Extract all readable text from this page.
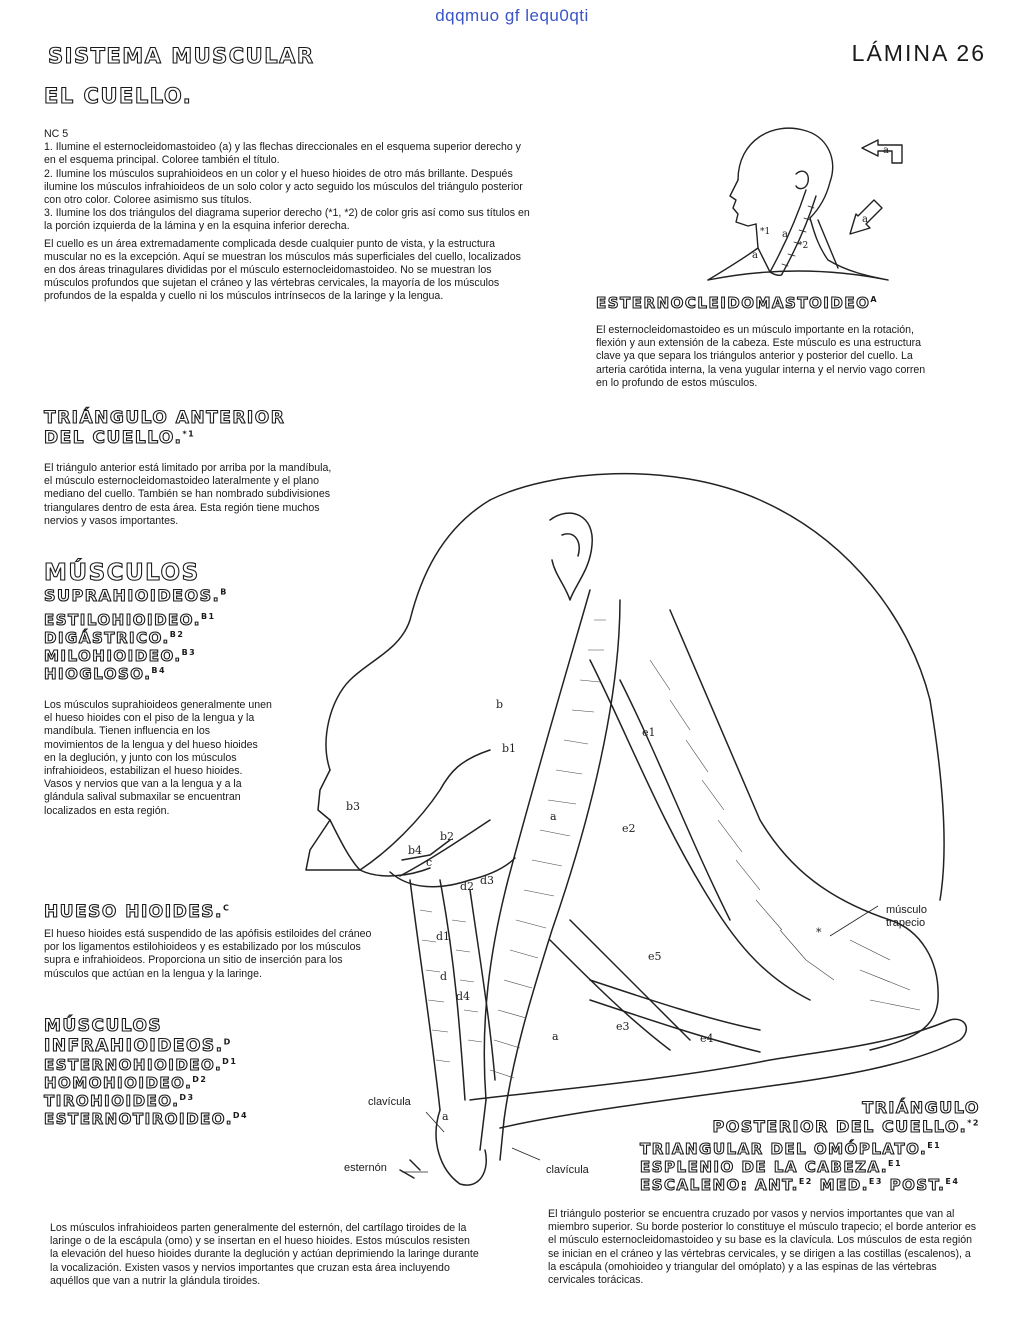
dqqmuo gf lequ0qti
SISTEMA MUSCULAR
EL CUELLO.
LÁMINA 26
NC 5

1. Ilumine el esternocleidomastoideo (a) y las flechas direccionales en el esquema superior derecho y en el esquema principal. Coloree también el título.

2. Ilumine los músculos suprahioideos en un color y el hueso hioides de otro más brillante. Después ilumine los músculos infrahioideos de un solo color y acto seguido los músculos del triángulo posterior con otro color. Coloree asimismo sus títulos.

3. Ilumine los dos triángulos del diagrama superior derecho (*1, *2) de color gris así como sus títulos en la porción izquierda de la lámina y en la esquina inferior derecha.

El cuello es un área extremadamente complicada desde cualquier punto de vista, y la estructura muscular no es la excepción. Aquí se muestran los músculos más superficiales del cuello, localizados en dos áreas trinagulares divididas por el músculo esternocleidomastoideo. No se muestran los músculos profundos que sujetan el cráneo y las vértebras cervicales, la mayoría de los músculos profundos de la espalda y cuello ni los músculos intrínsecos de la laringe y la lengua.

a
a
a
a
*1
*2
$ESTERNOCLEIDOMASTOIDEO^A$

El esternocleidomastoideo es un músculo importante en la rotación, flexión y aun extensión de la cabeza. Este músculo es una estructura clave ya que separa los triángulos anterior y posterior del cuello. La arteria carótida interna, la vena yugular interna y el nervio vago corren en lo profundo de estos músculos.

TRIÁNGULO ANTERIOR
DEL CUELLO.$^{*1}$

El triángulo anterior está limitado por arriba por la mandíbula, el músculo esternocleidomastoideo lateralmente y el plano mediano del cuello. También se han nombrado subdivisiones triangulares dentro de esta área. Esta región tiene muchos nervios y vasos importantes.

MÚSCULOS
SUPRAHIOIDEOS.$^B$
ESTILOHIOIDEO.$^{B1}$
DIGÁSTRICO.$^{B2}$
MILOHIOIDEO.$^{B3}$
HIOGLOSO.$^{B4}$

Los músculos suprahioideos generalmente unen el hueso hioides con el piso de la lengua y la mandíbula. Tienen influencia en los movimientos de la lengua y del hueso hioides en la deglución, y junto con los músculos infrahioideos, estabilizan el hueso hioides. Vasos y nervios que van a la lengua y a la glándula salival submaxilar se encuentran localizados en esta región.

HUESO HIOIDES.$^C$

El hueso hioides está suspendido de las apófisis estiloides del cráneo por los ligamentos estilohioideos y es estabilizado por los músculos supra e infrahioideos. Proporciona un sitio de inserción para los músculos que actúan en la lengua y la laringe.

MÚSCULOS
INFRAHIOIDEOS.$^D$
ESTERNOHIOIDEO.$^{D1}$
HOMOHIOIDEO.$^{D2}$
TIROHIOIDEO.$^{D3}$
ESTERNOTIROIDEO.$^{D4}$

Los músculos infrahioideos parten generalmente del esternón, del cartílago tiroides de la laringe o de la escápula (omo) y se insertan en el hueso hioides. Estos músculos resisten la elevación del hueso hioides durante la deglución y actúan deprimiendo la laringe durante la vocalización. Existen vasos y nervios importantes que cruzan esta área incluyendo aquéllos que van a nutrir la glándula tiroides.

a
a
a
b
b1
b2
b3
b4
c
d
d1
d2 d3
d4
e1
e2
e3
e4
e5
*
músculo trapecio
clavícula
esternón	clavícula
TRIÁNGULO
POSTERIOR DEL CUELLO.$^{*2}$
TRIANGULAR DEL OMÓPLATO.$^{E1}$
ESPLENIO DE LA CABEZA.$^{E1}$
ESCALENO: ANT.$^{E2}$ MED.$^{E3}$ POST.$^{E4}$

El triángulo posterior se encuentra cruzado por vasos y nervios importantes que van al miembro superior. Su borde posterior lo constituye el músculo trapecio; el borde anterior es el músculo esternocleidomastoideo y su base es la clavícula. Los músculos de esta región se inician en el cráneo y las vértebras cervicales, y se dirigen a las costillas (escalenos), a la escápula (omohioideo y triangular del omóplato) y a las espinas de las vértebras cervicales torácicas.
